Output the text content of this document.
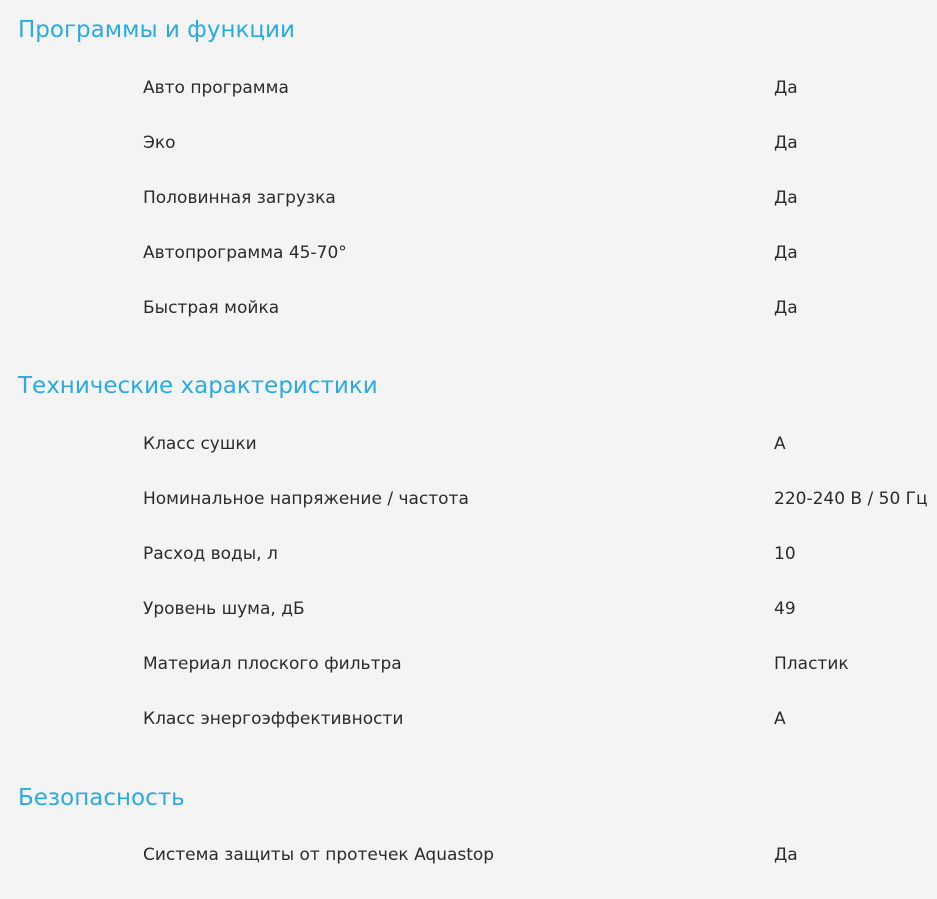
Программы и функции
Авто программа	Да
Эко	Да
Половинная загрузка	Да
Автопрограмма 45-70°	Да
Быстрая мойка	Да
Технические характеристики
Класс сушки	A
Номинальное напряжение / частота	220-240 В / 50 Гц
Расход воды, л	10
Уровень шума, дБ	49
Материал плоского фильтра	Пластик
Класс энергоэффективности	A
Безопасность
Система защиты от протечек Aquastop	Да
